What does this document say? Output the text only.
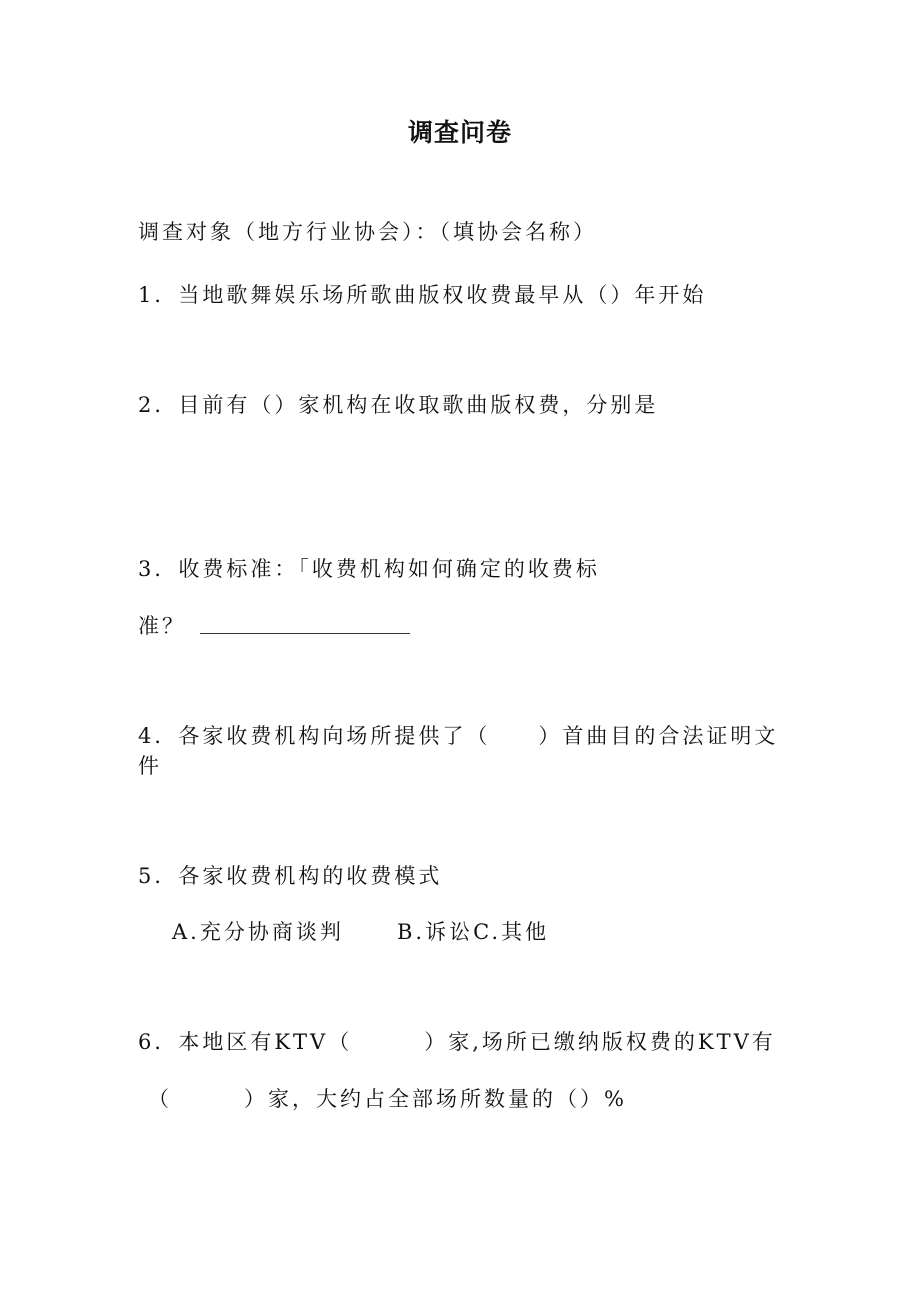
调查问卷
调查对象（地方行业协会）：（填协会名称）
1．当地歌舞娱乐场所歌曲版权收费最早从（）年开始
2．目前有（）家机构在收取歌曲版权费，分别是
3．收费标准：「收费机构如何确定的收费标
准？
4．各家收费机构向场所提供了（　　）首曲目的合法证明文
件
5．各家收费机构的收费模式
A.充分协商谈判	B.诉讼C.其他
6．本地区有KTV（　　　）家,场所已缴纳版权费的KTV有
（　　　）家，大约占全部场所数量的（）%
